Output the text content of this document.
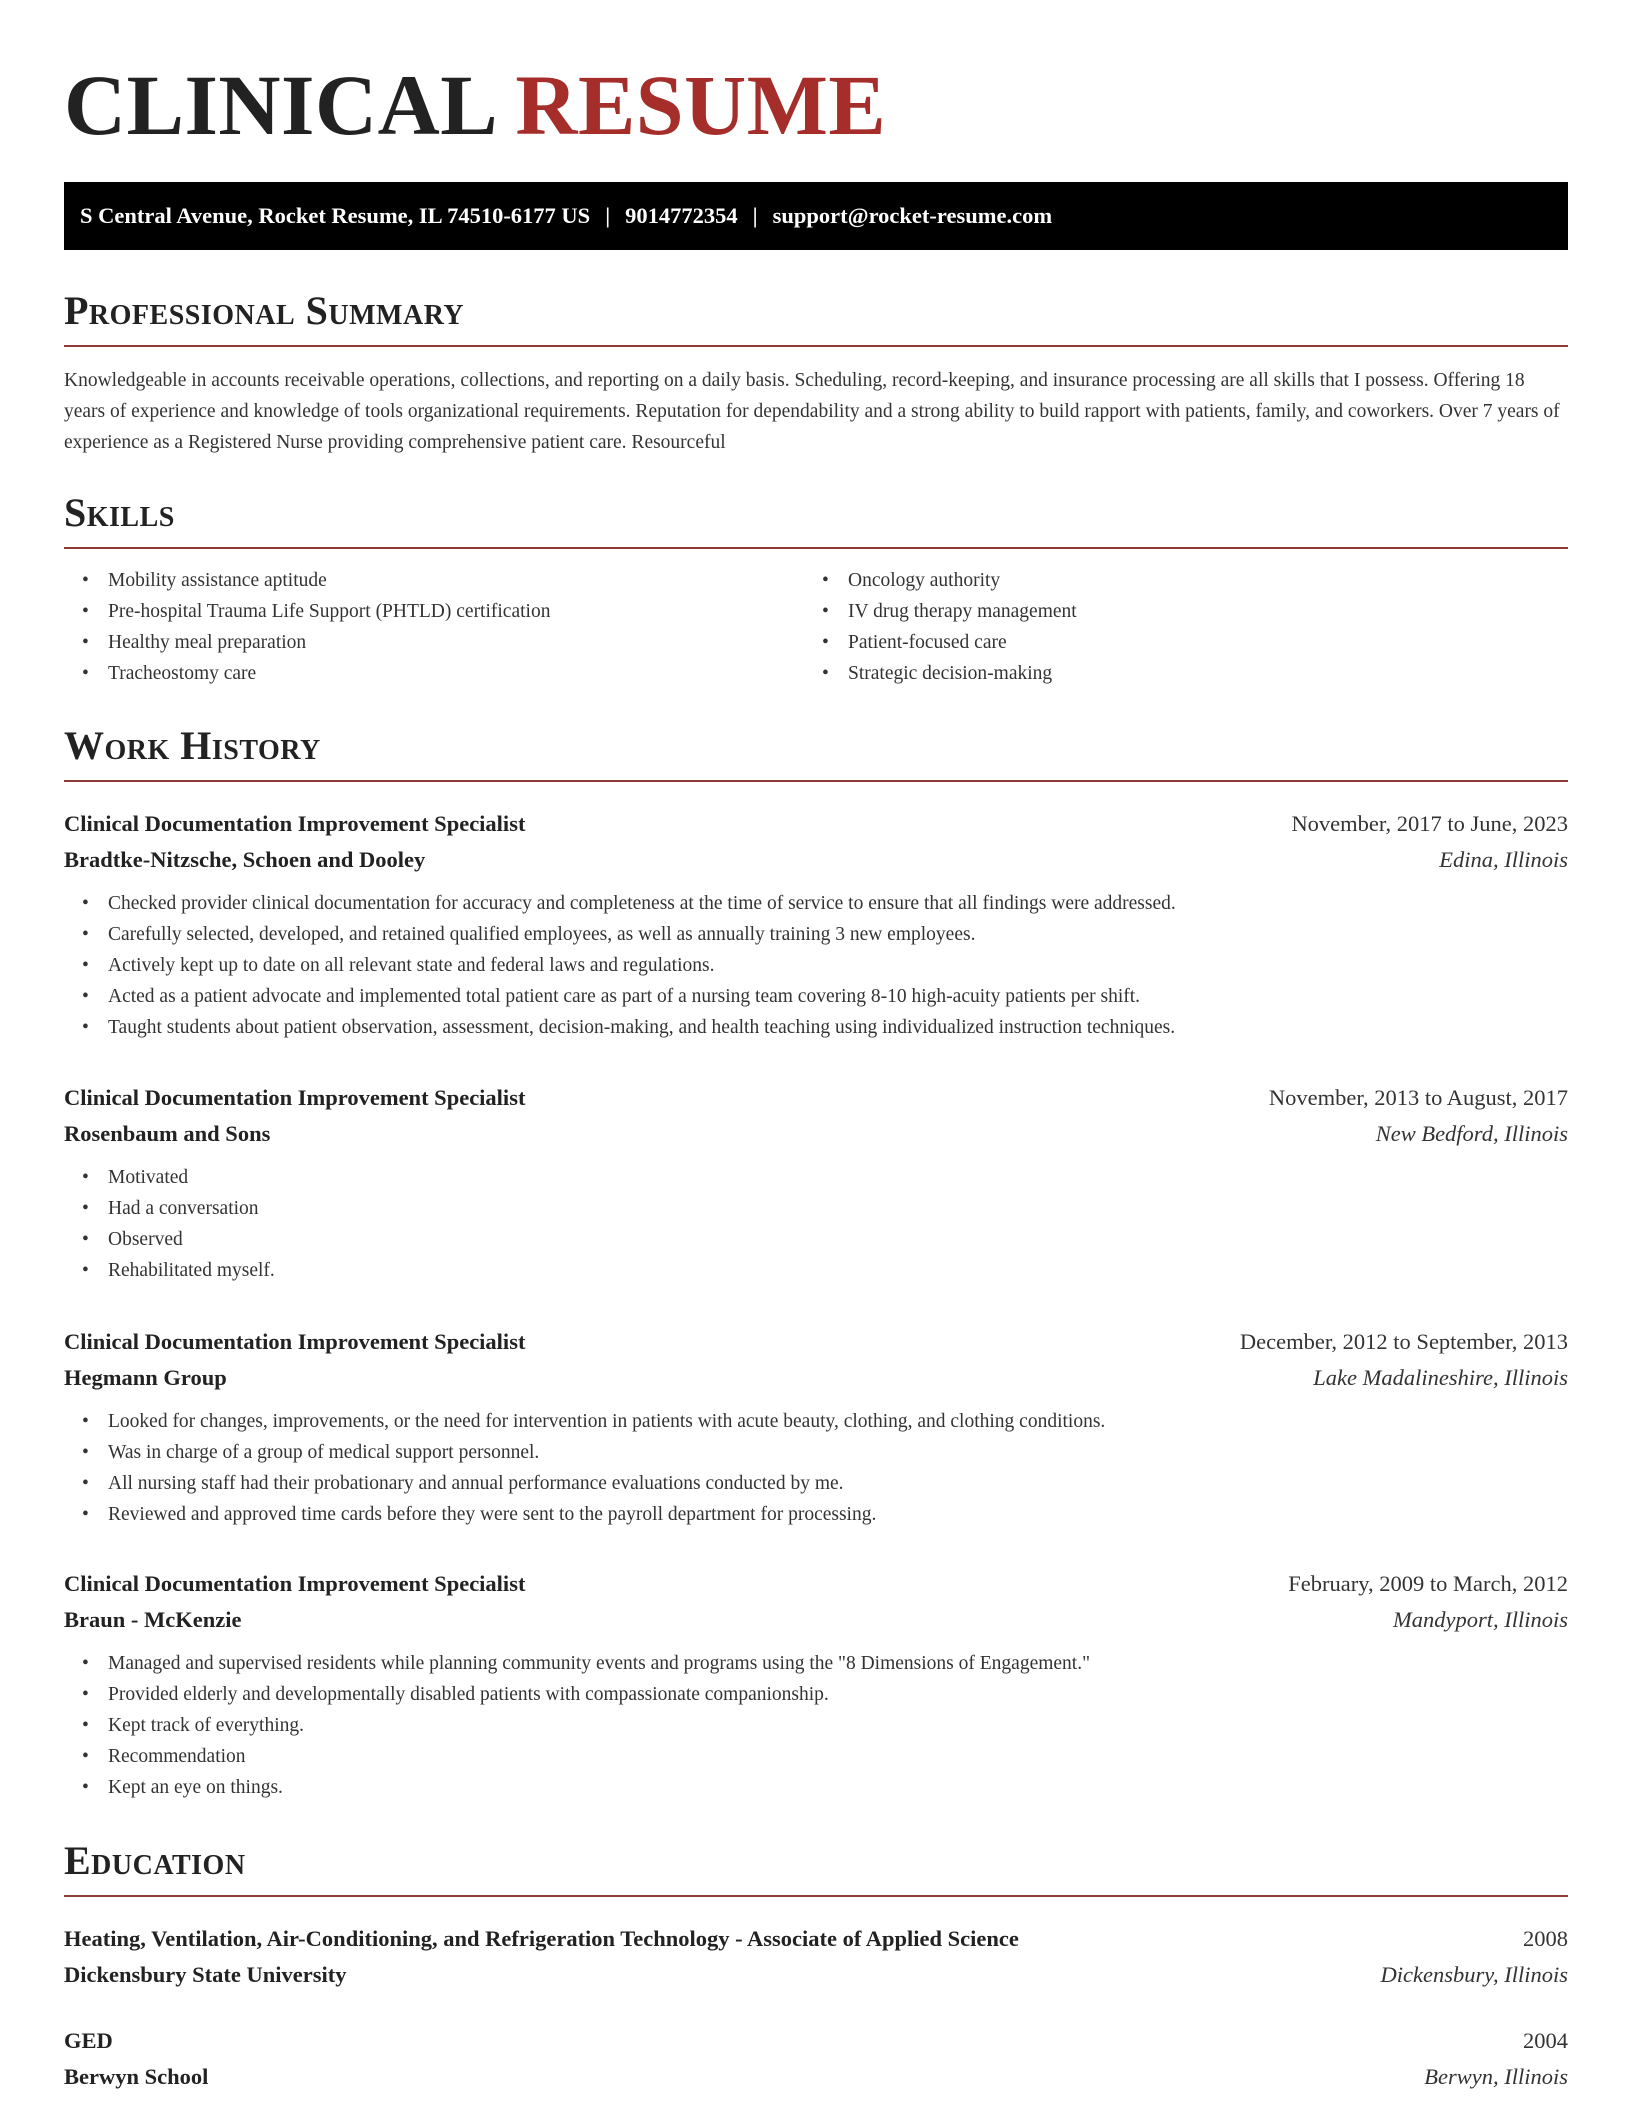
CLINICAL RESUME
S Central Avenue, Rocket Resume, IL 74510-6177 US | 9014772354 | support@rocket-resume.com
Professional Summary

Knowledgeable in accounts receivable operations, collections, and reporting on a daily basis. Scheduling, record-keeping, and insurance processing are all skills that I possess. Offering 18 years of experience and knowledge of tools organizational requirements. Reputation for dependability and a strong ability to build rapport with patients, family, and coworkers. Over 7 years of experience as a Registered Nurse providing comprehensive patient care. Resourceful

Skills
• Mobility assistance aptitude
• Pre-hospital Trauma Life Support (PHTLD) certification
• Healthy meal preparation
• Tracheostomy care
• Oncology authority
• IV drug therapy management
• Patient-focused care
• Strategic decision-making
Work History
Clinical Documentation Improvement Specialist	November, 2017 to June, 2023
Bradtke-Nitzsche, Schoen and Dooley	Edina, Illinois
• Checked provider clinical documentation for accuracy and completeness at the time of service to ensure that all findings were addressed.
• Carefully selected, developed, and retained qualified employees, as well as annually training 3 new employees.
• Actively kept up to date on all relevant state and federal laws and regulations.
• Acted as a patient advocate and implemented total patient care as part of a nursing team covering 8-10 high-acuity patients per shift.
• Taught students about patient observation, assessment, decision-making, and health teaching using individualized instruction techniques.
Clinical Documentation Improvement Specialist	November, 2013 to August, 2017
Rosenbaum and Sons	New Bedford, Illinois
• Motivated
• Had a conversation
• Observed
• Rehabilitated myself.
Clinical Documentation Improvement Specialist	December, 2012 to September, 2013
Hegmann Group	Lake Madalineshire, Illinois
• Looked for changes, improvements, or the need for intervention in patients with acute beauty, clothing, and clothing conditions.
• Was in charge of a group of medical support personnel.
• All nursing staff had their probationary and annual performance evaluations conducted by me.
• Reviewed and approved time cards before they were sent to the payroll department for processing.
Clinical Documentation Improvement Specialist	February, 2009 to March, 2012
Braun - McKenzie	Mandyport, Illinois
• Managed and supervised residents while planning community events and programs using the "8 Dimensions of Engagement."
• Provided elderly and developmentally disabled patients with compassionate companionship.
• Kept track of everything.
• Recommendation
• Kept an eye on things.
Education
Heating, Ventilation, Air-Conditioning, and Refrigeration Technology - Associate of Applied Science	2008
Dickensbury State University	Dickensbury, Illinois
GED	2004
Berwyn School	Berwyn, Illinois
